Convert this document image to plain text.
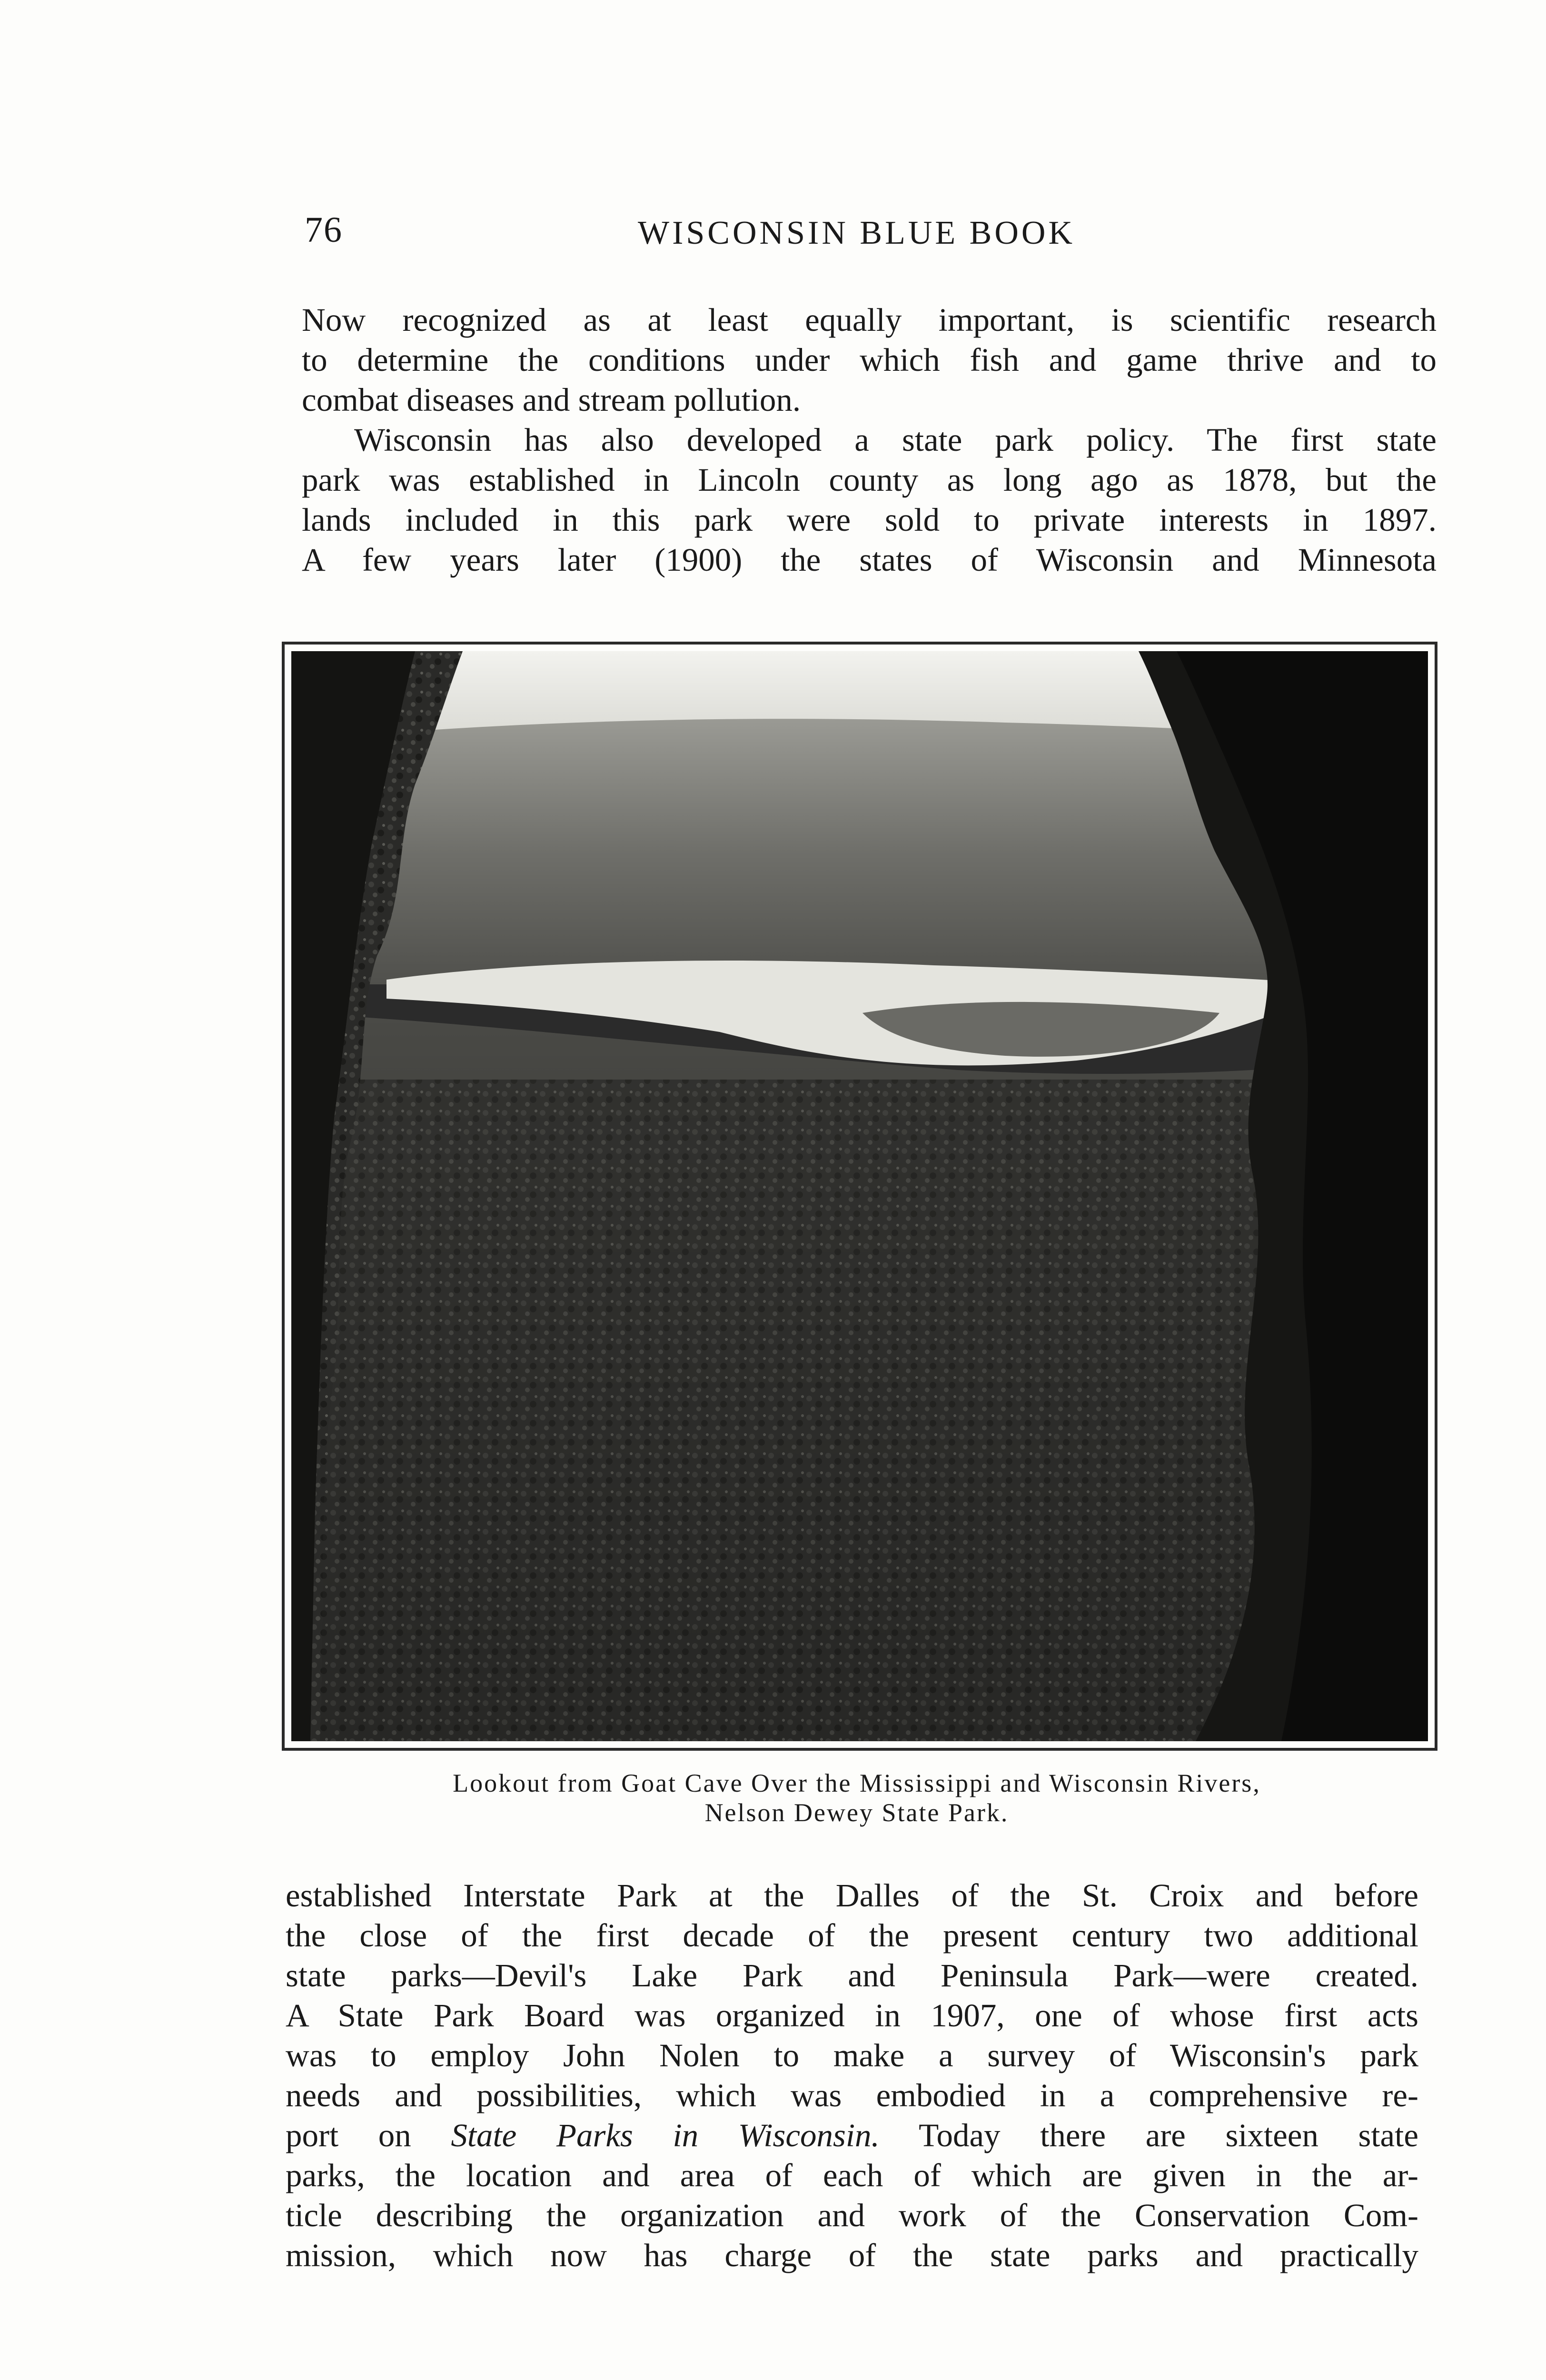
76	WISCONSIN BLUE BOOK
Now recognized as at least equally important, is scientific research
to determine the conditions under which fish and game thrive and to
combat diseases and stream pollution.
Wisconsin has also developed a state park policy. The first state
park was established in Lincoln county as long ago as 1878, but the
lands included in this park were sold to private interests in 1897.
A few years later (1900) the states of Wisconsin and Minnesota
Lookout from Goat Cave Over the Mississippi and Wisconsin Rivers,
Nelson Dewey State Park.
established Interstate Park at the Dalles of the St. Croix and before
the close of the first decade of the present century two additional
state parks—Devil's Lake Park and Peninsula Park—were created.
A State Park Board was organized in 1907, one of whose first acts
was to employ John Nolen to make a survey of Wisconsin's park
needs and possibilities, which was embodied in a comprehensive re-
port on State Parks in Wisconsin. Today there are sixteen state
parks, the location and area of each of which are given in the ar-
ticle describing the organization and work of the Conservation Com-
mission, which now has charge of the state parks and practically
